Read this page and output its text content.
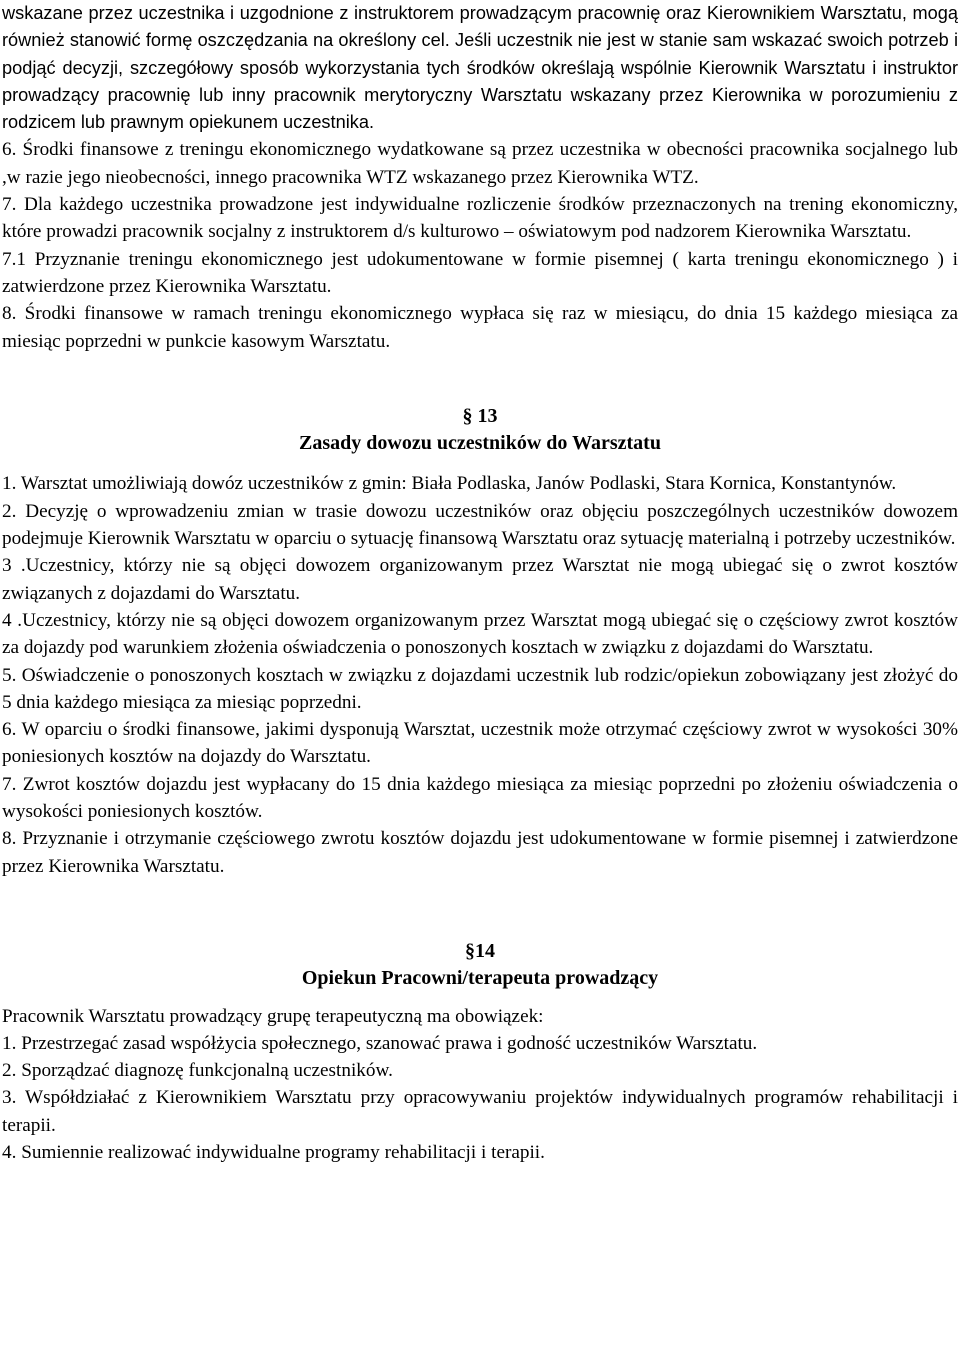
wskazane przez uczestnika i uzgodnione z instruktorem prowadzącym pracownię oraz Kierownikiem Warsztatu, mogą również stanowić formę oszczędzania na określony cel. Jeśli uczestnik nie jest w stanie sam wskazać swoich potrzeb i podjąć decyzji, szczegółowy sposób wykorzystania tych środków określają wspólnie Kierownik Warsztatu i instruktor prowadzący pracownię lub inny pracownik merytoryczny Warsztatu wskazany przez Kierownika w porozumieniu z rodzicem lub prawnym opiekunem uczestnika.

6. Środki finansowe z treningu ekonomicznego wydatkowane są przez uczestnika w obecności pracownika socjalnego lub ,w razie jego nieobecności, innego pracownika WTZ wskazanego przez Kierownika WTZ.

7. Dla każdego uczestnika prowadzone jest indywidualne rozliczenie środków przeznaczonych na trening ekonomiczny, które prowadzi pracownik socjalny z instruktorem d/s kulturowo – oświatowym pod nadzorem Kierownika Warsztatu.

7.1 Przyznanie treningu ekonomicznego jest udokumentowane w formie pisemnej ( karta treningu ekonomicznego ) i zatwierdzone przez Kierownika Warsztatu.

8. Środki finansowe w ramach treningu ekonomicznego wypłaca się raz w miesiącu, do dnia 15 każdego miesiąca za miesiąc poprzedni w punkcie kasowym Warsztatu.

§ 13

Zasady dowozu uczestników do Warsztatu

1. Warsztat umożliwiają dowóz uczestników z gmin: Biała Podlaska, Janów Podlaski, Stara Kornica, Konstantynów.

2. Decyzję o wprowadzeniu zmian w trasie dowozu uczestników oraz objęciu poszczególnych uczestników dowozem podejmuje Kierownik Warsztatu w oparciu o sytuację finansową Warsztatu oraz sytuację materialną i potrzeby uczestników.

3 .Uczestnicy, którzy nie są objęci dowozem organizowanym przez Warsztat nie mogą ubiegać się o zwrot kosztów związanych z dojazdami do Warsztatu.

4 .Uczestnicy, którzy nie są objęci dowozem organizowanym przez Warsztat mogą ubiegać się o częściowy zwrot kosztów za dojazdy pod warunkiem złożenia oświadczenia o ponoszonych kosztach w związku z dojazdami do Warsztatu.

5. Oświadczenie o ponoszonych kosztach w związku z dojazdami uczestnik lub rodzic/opiekun zobowiązany jest złożyć do 5 dnia każdego miesiąca za miesiąc poprzedni.

6. W oparciu o środki finansowe, jakimi dysponują Warsztat, uczestnik może otrzymać częściowy zwrot w wysokości 30% poniesionych kosztów na dojazdy do Warsztatu.

7. Zwrot kosztów dojazdu jest wypłacany do 15 dnia każdego miesiąca za miesiąc poprzedni po złożeniu oświadczenia o wysokości poniesionych kosztów.

8. Przyznanie i otrzymanie częściowego zwrotu kosztów dojazdu jest udokumentowane w formie pisemnej i zatwierdzone przez Kierownika Warsztatu.

§14

Opiekun Pracowni/terapeuta prowadzący

Pracownik Warsztatu prowadzący grupę terapeutyczną ma obowiązek:

1. Przestrzegać zasad współżycia społecznego, szanować prawa i godność uczestników Warsztatu.

2. Sporządzać diagnozę funkcjonalną uczestników.

3. Współdziałać z Kierownikiem Warsztatu przy opracowywaniu projektów indywidualnych programów rehabilitacji i terapii.

4. Sumiennie realizować indywidualne programy rehabilitacji i terapii.
